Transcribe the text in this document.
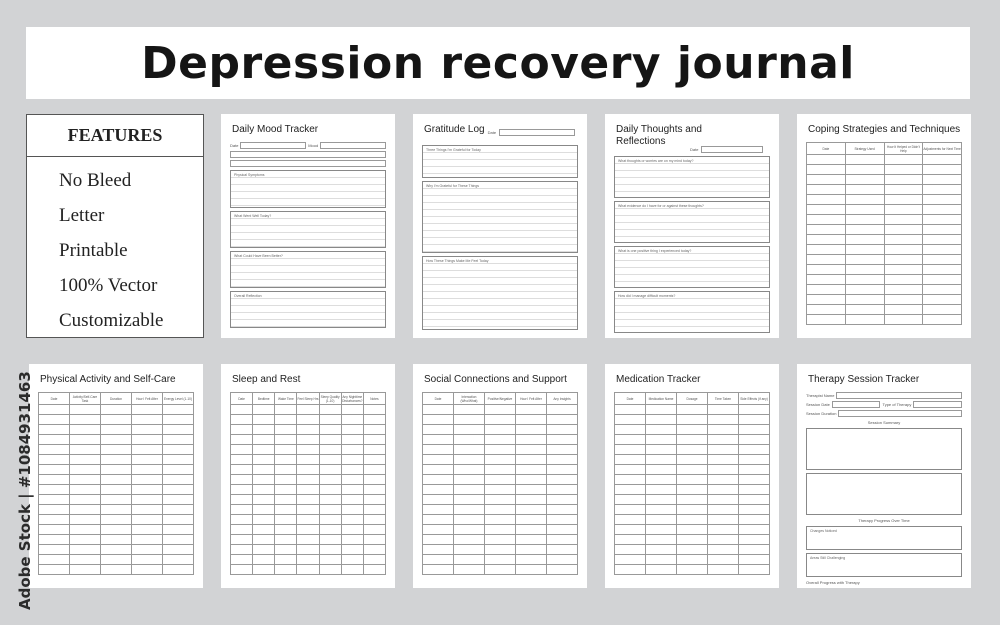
Depression recovery journal
FEATURES
No Bleed
Letter
Printable
100% Vector
Customizable
Daily Mood Tracker
Date	Mood
Physical Symptoms
What Went Well Today?
What Could Have Been Better?
Overall Reflection
Gratitude Log Date
Three Things I'm Grateful for Today
Why I'm Grateful for These Things
How These Things Make Me Feel Today
Daily Thoughts and Reflections
Date
What thoughts or worries are on my mind today?
What evidence do I have for or against these thoughts?
What is one positive thing I experienced today?
How did I manage difficult moments?
Coping Strategies and Techniques
Date	Strategy Used	How It Helped or Didn't Help	Adjustments for Next Time

Physical Activity and Self-Care
Date	Activity/Self-Care Task	Duration	How I Felt After	Energy Level (1-10)

Sleep and Rest
Date	Bedtime	Wake Time	Feel Sleep Hrs	Sleep Quality (1-10)	Any Nighttime Disturbances?	Notes

Social Connections and Support
Date	Interaction (Who/What)	Positive/Negative	How I Felt After	Any Insights

Medication Tracker
Date	Medication Name	Dosage	Time Taken	Side Effects (if any)

Therapy Session Tracker
Therapist Name
Session Date	Type of Therapy
Session Duration
Session Summary
Therapy Progress Over Time
Changes Noticed
Areas Still Challenging
Overall Progress with Therapy
Adobe Stock | #1084931463
